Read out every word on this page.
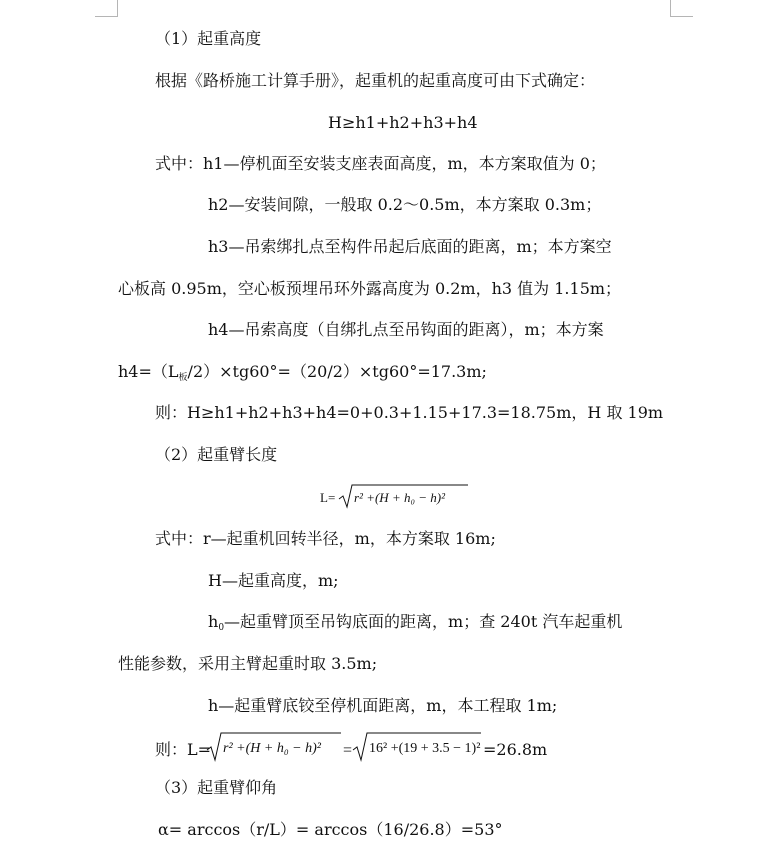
（1）起重高度
根据《路桥施工计算手册》，起重机的起重高度可由下式确定：
H≥h1+h2+h3+h4
式中：h1—停机面至安装支座表面高度，m，本方案取值为 0；
h2—安装间隙，一般取 0.2～0.5m，本方案取 0.3m；
h3—吊索绑扎点至构件吊起后底面的距离，m；本方案空
心板高 0.95m，空心板预埋吊环外露高度为 0.2m，h3 值为 1.15m；
h4—吊索高度（自绑扎点至吊钩面的距离），m；本方案
$h4=(L_板/2)\times tg60^\circ=(20/2)\times tg60^\circ=17.3m$;
则：H≥h1+h2+h3+h4=0+0.3+1.15+17.3=18.75m，H 取 19m
（2）起重臂长度
L= r² +(H + h₀ − h)²
式中：r—起重机回转半径，m，本方案取 16m;
H—起重高度，m;
$h_0—$起重臂顶至吊钩底面的距离，m；查 240t 汽车起重机
性能参数，采用主臂起重时取 3.5m;
h—起重臂底铰至停机面距离，m，本工程取 1m;
则：L= r² +(H + h₀ − h)² = 16² +(19 + 3.5 − 1)² =26.8m
（3）起重臂仰角
α= arccos（r/L）= arccos（16/26.8）=53°
